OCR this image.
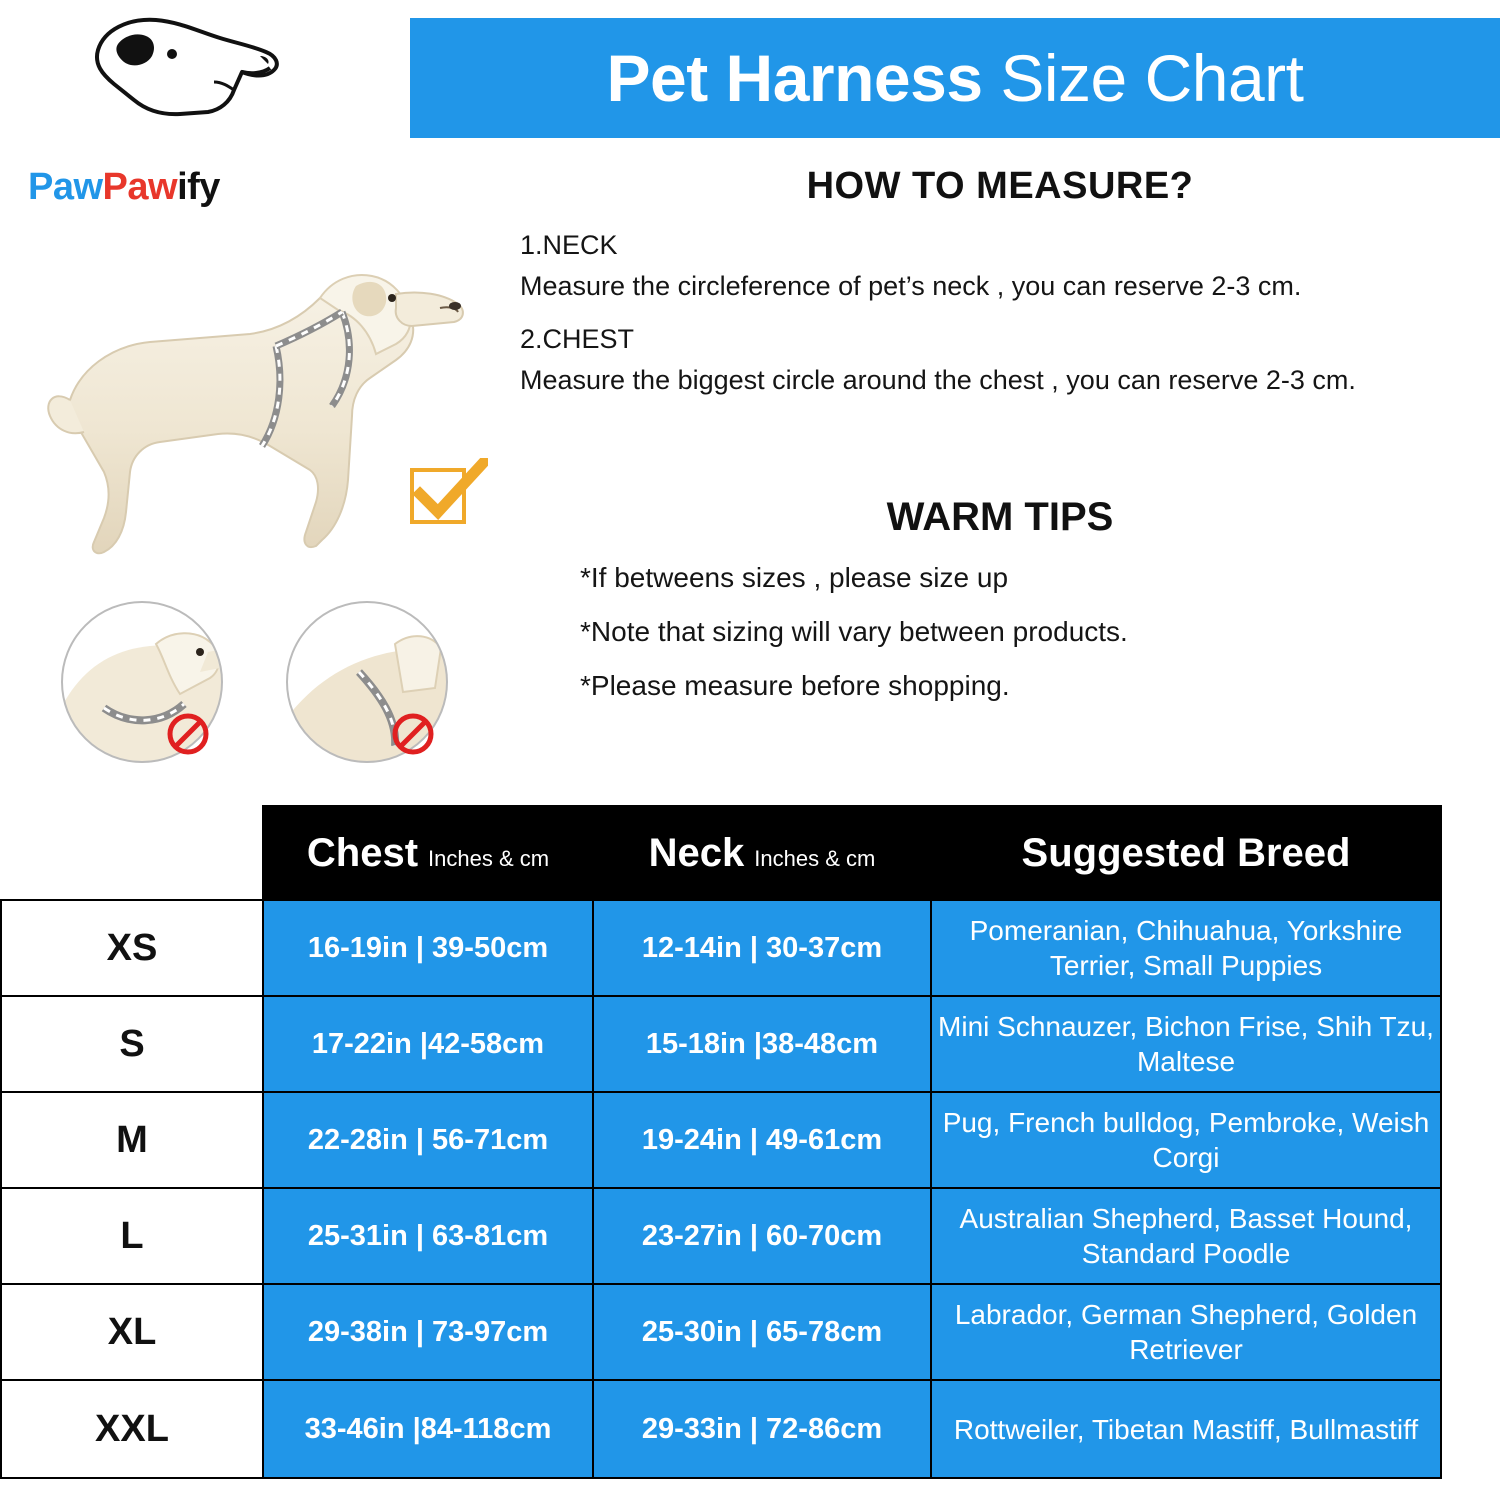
Pet Harness Size Chart
PawPawify	HOW TO MEASURE?
1.NECK
Measure the circleference of pet’s neck , you can reserve 2-3 cm.
2.CHEST
Measure the biggest circle around the chest , you can reserve 2-3 cm.
WARM TIPS
*If betweens sizes , please size up
*Note that sizing will vary between products.
*Please measure before shopping.
	Chest Inches & cm	Neck Inches & cm	Suggested Breed
XS	16-19in | 39-50cm	12-14in | 30-37cm	Pomeranian, Chihuahua, Yorkshire Terrier, Small Puppies
S	17-22in |42-58cm	15-18in |38-48cm	Mini Schnauzer, Bichon Frise, Shih Tzu, Maltese
M	22-28in | 56-71cm	19-24in | 49-61cm	Pug, French bulldog, Pembroke, Weish Corgi
L	25-31in | 63-81cm	23-27in | 60-70cm	Australian Shepherd, Basset Hound, Standard Poodle
XL	29-38in | 73-97cm	25-30in | 65-78cm	Labrador, German Shepherd, Golden Retriever
XXL	33-46in |84-118cm	29-33in | 72-86cm	Rottweiler, Tibetan Mastiff, Bullmastiff
